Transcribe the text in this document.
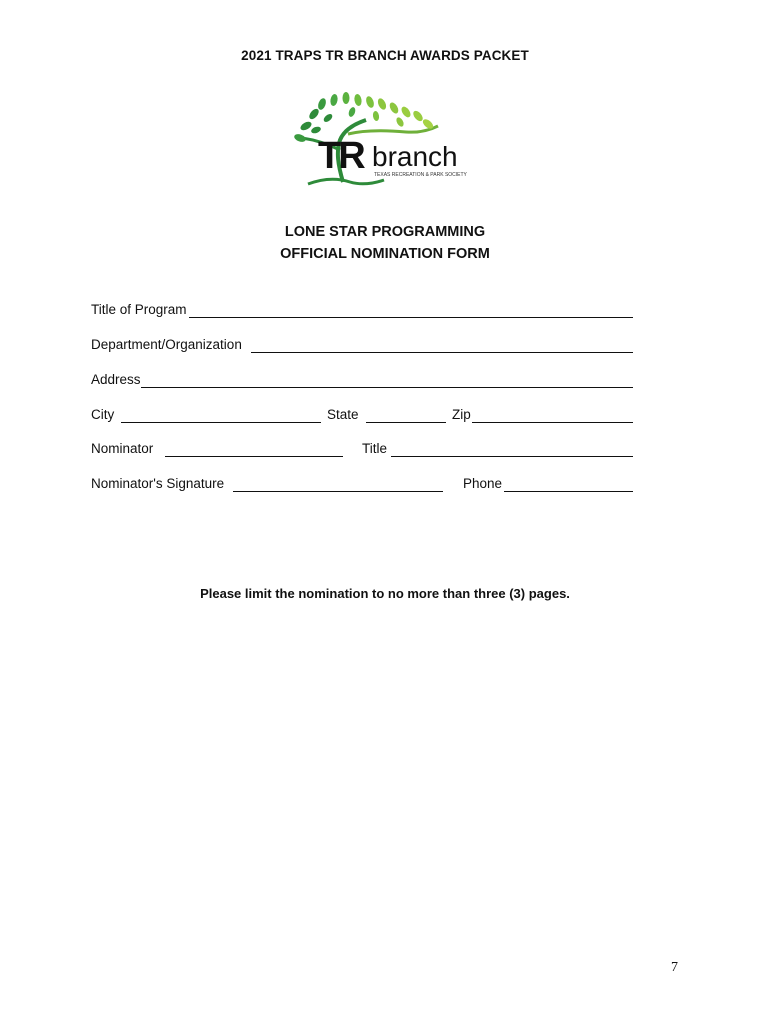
2021 TRAPS TR BRANCH AWARDS PACKET
TR branch
TEXAS RECREATION & PARK SOCIETY
LONE STAR PROGRAMMING
OFFICIAL NOMINATION FORM
Title of Program
Department/Organization
Address
City	State	Zip
Nominator	Title
Nominator's Signature	Phone
Please limit the nomination to no more than three (3) pages.
7
